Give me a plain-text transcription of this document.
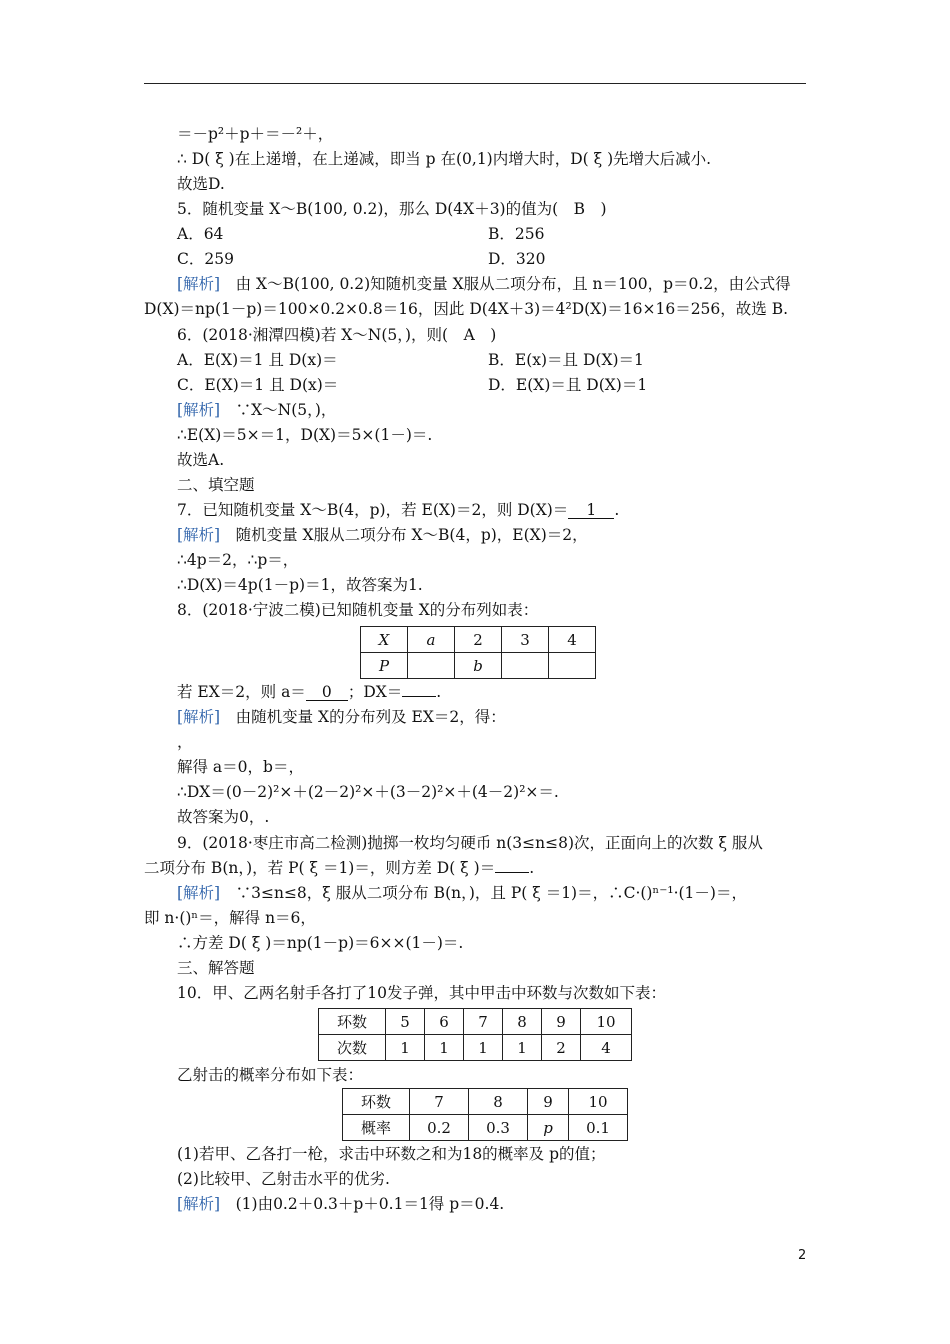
＝－p²＋p＋＝－²＋，
∴ D( ξ )在上递增，在上递减，即当 p 在(0,1)内增大时，D( ξ )先增大后减小.
故选D.
5．随机变量 X～B(100, 0.2)，那么 D(4X＋3)的值为(　B　)
A．64	B．256
C．259	D．320
[解析]　由 X～B(100, 0.2)知随机变量 X服从二项分布，且 n＝100，p＝0.2，由公式得
D(X)＝np(1－p)＝100×0.2×0.8＝16，因此 D(4X＋3)＝4²D(X)＝16×16＝256，故选 B.
6．(2018·湘潭四模)若 X～N(5，)，则(　A　)
A．E(X)＝1 且 D(x)＝	B．E(x)＝且 D(X)＝1
C．E(X)＝1 且 D(x)＝	D．E(X)＝且 D(X)＝1
[解析]　∵X～N(5，)，
∴E(X)＝5×＝1，D(X)＝5×(1－)＝.
故选A.
二、填空题
7．已知随机变量 X～B(4，p)，若 E(X)＝2，则 D(X)＝ 1 .
[解析]　随机变量 X服从二项分布 X～B(4，p)，E(X)＝2，
∴4p＝2，∴p＝，
∴D(X)＝4p(1－p)＝1，故答案为1.
8．(2018·宁波二模)已知随机变量 X的分布列如表：
X	a	2	3	4
P		b		
若 EX＝2，则 a＝ 0 ；DX＝ .
[解析]　由随机变量 X的分布列及 EX＝2，得：
，
解得 a＝0，b＝，
∴DX＝(0－2)²×＋(2－2)²×＋(3－2)²×＋(4－2)²×＝.
故答案为0，.
9．(2018·枣庄市高二检测)抛掷一枚均匀硬币 n(3≤n≤8)次，正面向上的次数 ξ 服从
二项分布 B(n，)，若 P( ξ ＝1)＝，则方差 D( ξ )＝ .
[解析]　∵3≤n≤8，ξ 服从二项分布 B(n，)，且 P( ξ ＝1)＝，∴C·()ⁿ⁻¹·(1－)＝，
即 n·()ⁿ＝，解得 n＝6，
∴方差 D( ξ )＝np(1－p)＝6××(1－)＝.
三、解答题
10．甲、乙两名射手各打了10发子弹，其中甲击中环数与次数如下表：
环数	5	6	7	8	9	10
次数	1	1	1	1	2	4
乙射击的概率分布如下表：
环数	7	8	9	10
概率	0.2	0.3	p	0.1
(1)若甲、乙各打一枪，求击中环数之和为18的概率及 p的值；
(2)比较甲、乙射击水平的优劣.
[解析]　(1)由0.2＋0.3＋p＋0.1＝1得 p＝0.4.
2
